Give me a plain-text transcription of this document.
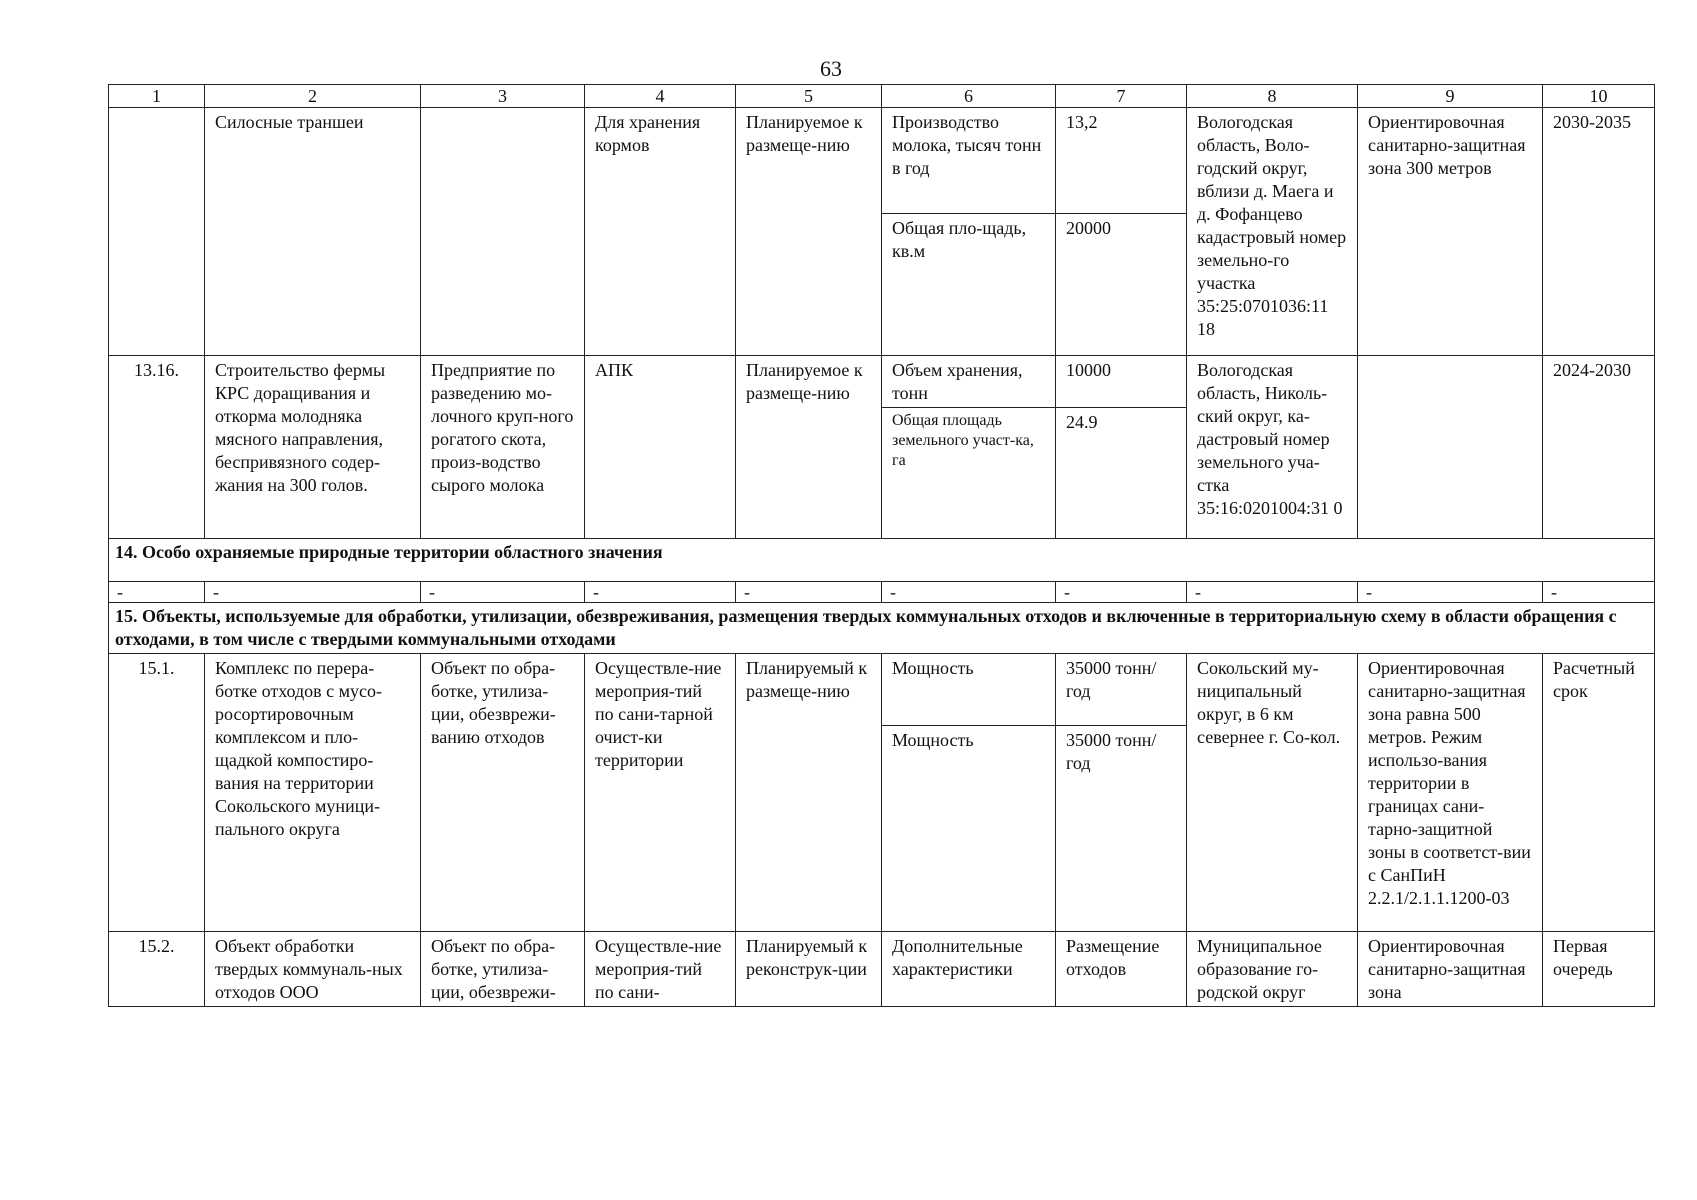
63
1	2	3	4	5	6	7	8	9	10
	Силосные траншеи		Для хранения кормов	Планируемое к размеще-нию	Производство молока, тысяч тонн в год	13,2	Вологодская область, Воло-годский округ, вблизи д. Маега и д. Фофанцево кадастровый номер земельно-го участка 35:25:0701036:11 18	Ориентировочная санитарно-защитная зона 300 метров	2030-2035
					Общая пло-щадь, кв.м	20000			
13.16.	Строительство фермы КРС доращивания и откорма молодняка мясного направления, беспривязного содер-жания на 300 голов.	Предприятие по разведению мо-лочного круп-ного рогатого скота, произ-водство сырого молока	АПК	Планируемое к размеще-нию	Объем хранения, тонн	10000	Вологодская область, Николь-ский округ, ка-дастровый номер земельного уча-стка 35:16:0201004:31 0		2024-2030
					Общая площадь земельного участ-ка, га	24.9			
14. Особо охраняемые природные территории областного значения									
-	-	-	-	-	-	-	-	-	-
15. Объекты, используемые для обработки, утилизации, обезвреживания, размещения твердых коммунальных отходов и включенные в территориальную схему в области обращения с отходами, в том числе с твердыми коммунальными отходами									
15.1.	Комплекс по перера-ботке отходов с мусо-росортировочным комплексом и пло-щадкой компостиро-вания на территории Сокольского муници-пального округа	Объект по обра-ботке, утилиза-ции, обезврежи-ванию отходов	Осуществле-ние мероприя-тий по сани-тарной очист-ки территории	Планируемый к размеще-нию	Мощность	35000 тонн/год	Сокольский му-ниципальный округ, в 6 км севернее г. Со-кол.	Ориентировочная санитарно-защитная зона равна 500 метров. Режим использо-вания территории в границах сани-тарно-защитной зоны в соответст-вии с СанПиН 2.2.1/2.1.1.1200-03	Расчетный срок
					Мощность	35000 тонн/год			
15.2.	Объект обработки твердых коммуналь-ных отходов ООО	Объект по обра-ботке, утилиза-ции, обезврежи-	Осуществле-ние мероприя-тий по сани-	Планируемый к реконструк-ции	Дополнительные характеристики	Размещение отходов	Муниципальное образование го-родской округ	Ориентировочная санитарно-защитная зона	Первая очередь
